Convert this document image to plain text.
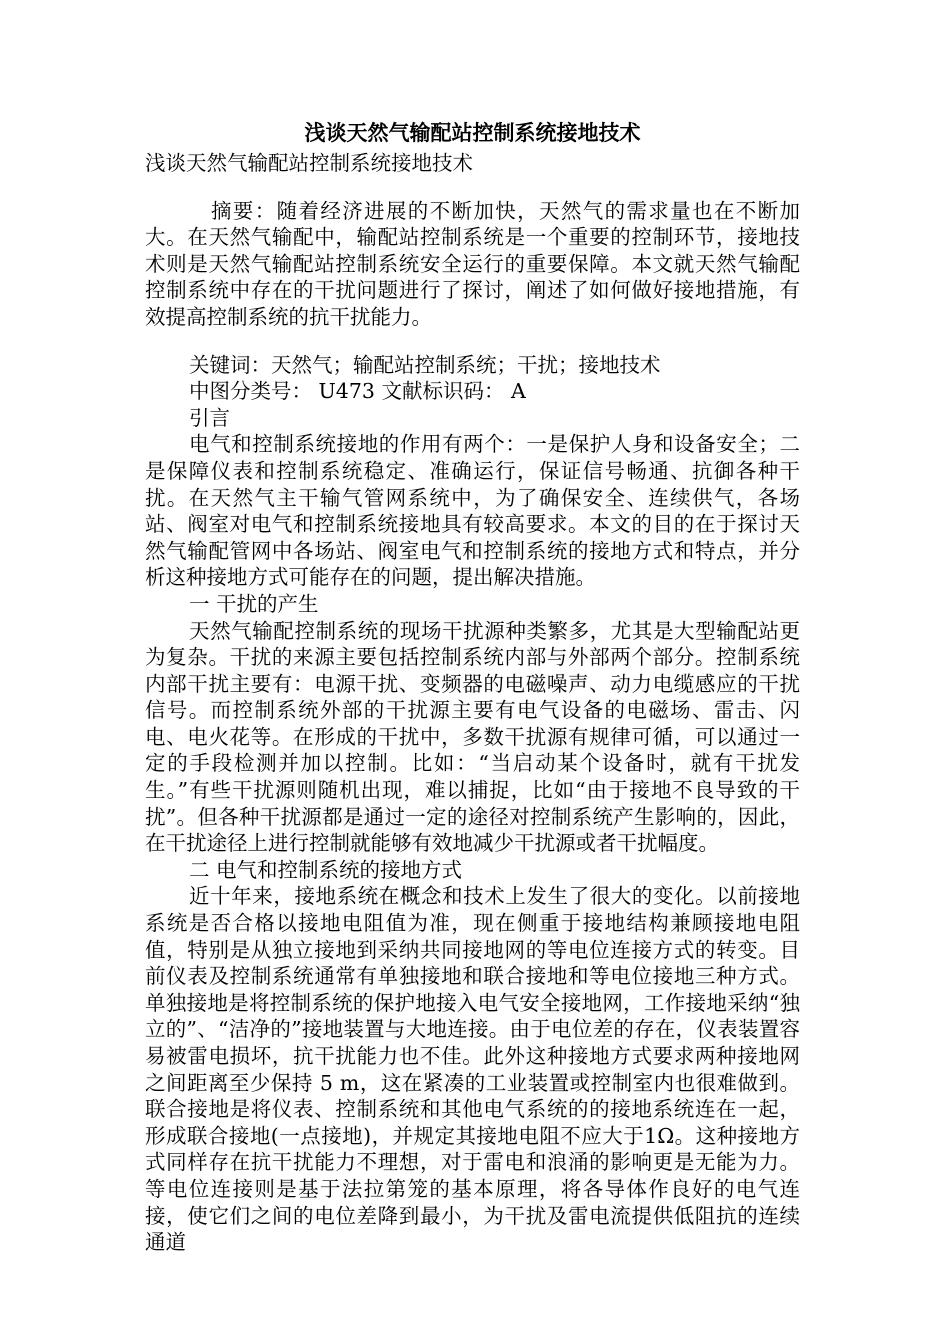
浅谈天然气输配站控制系统接地技术

浅谈天然气输配站控制系统接地技术

摘要：随着经济进展的不断加快，天然气的需求量也在不断加大。在天然气输配中，输配站控制系统是一个重要的控制环节，接地技术则是天然气输配站控制系统安全运行的重要保障。本文就天然气输配控制系统中存在的干扰问题进行了探讨，阐述了如何做好接地措施，有效提高控制系统的抗干扰能力。

关键词：天然气；输配站控制系统；干扰；接地技术

中图分类号： U473 文献标识码： A

引言

电气和控制系统接地的作用有两个：一是保护人身和设备安全；二是保障仪表和控制系统稳定、准确运行，保证信号畅通、抗御各种干扰。在天然气主干输气管网系统中，为了确保安全、连续供气，各场站、阀室对电气和控制系统接地具有较高要求。本文的目的在于探讨天然气输配管网中各场站、阀室电气和控制系统的接地方式和特点，并分析这种接地方式可能存在的问题，提出解决措施。

一 干扰的产生

天然气输配控制系统的现场干扰源种类繁多，尤其是大型输配站更为复杂。干扰的来源主要包括控制系统内部与外部两个部分。控制系统内部干扰主要有：电源干扰、变频器的电磁噪声、动力电缆感应的干扰信号。而控制系统外部的干扰源主要有电气设备的电磁场、雷击、闪电、电火花等。在形成的干扰中，多数干扰源有规律可循，可以通过一定的手段检测并加以控制。比如：“当启动某个设备时，就有干扰发生。”有些干扰源则随机出现，难以捕捉，比如“由于接地不良导致的干扰”。但各种干扰源都是通过一定的途径对控制系统产生影响的，因此，在干扰途径上进行控制就能够有效地减少干扰源或者干扰幅度。

二 电气和控制系统的接地方式

近十年来，接地系统在概念和技术上发生了很大的变化。以前接地系统是否合格以接地电阻值为准，现在侧重于接地结构兼顾接地电阻值，特别是从独立接地到采纳共同接地网的等电位连接方式的转变。目前仪表及控制系统通常有单独接地和联合接地和等电位接地三种方式。单独接地是将控制系统的保护地接入电气安全接地网，工作接地采纳“独立的”、“洁净的”接地装置与大地连接。由于电位差的存在，仪表装置容易被雷电损坏，抗干扰能力也不佳。此外这种接地方式要求两种接地网之间距离至少保持 5 m，这在紧凑的工业装置或控制室内也很难做到。联合接地是将仪表、控制系统和其他电气系统的的接地系统连在一起，形成联合接地(一点接地)，并规定其接地电阻不应大于1Ω。这种接地方式同样存在抗干扰能力不理想，对于雷电和浪涌的影响更是无能为力。等电位连接则是基于法拉第笼的基本原理，将各导体作良好的电气连接，使它们之间的电位差降到最小，为干扰及雷电流提供低阻抗的连续通道
